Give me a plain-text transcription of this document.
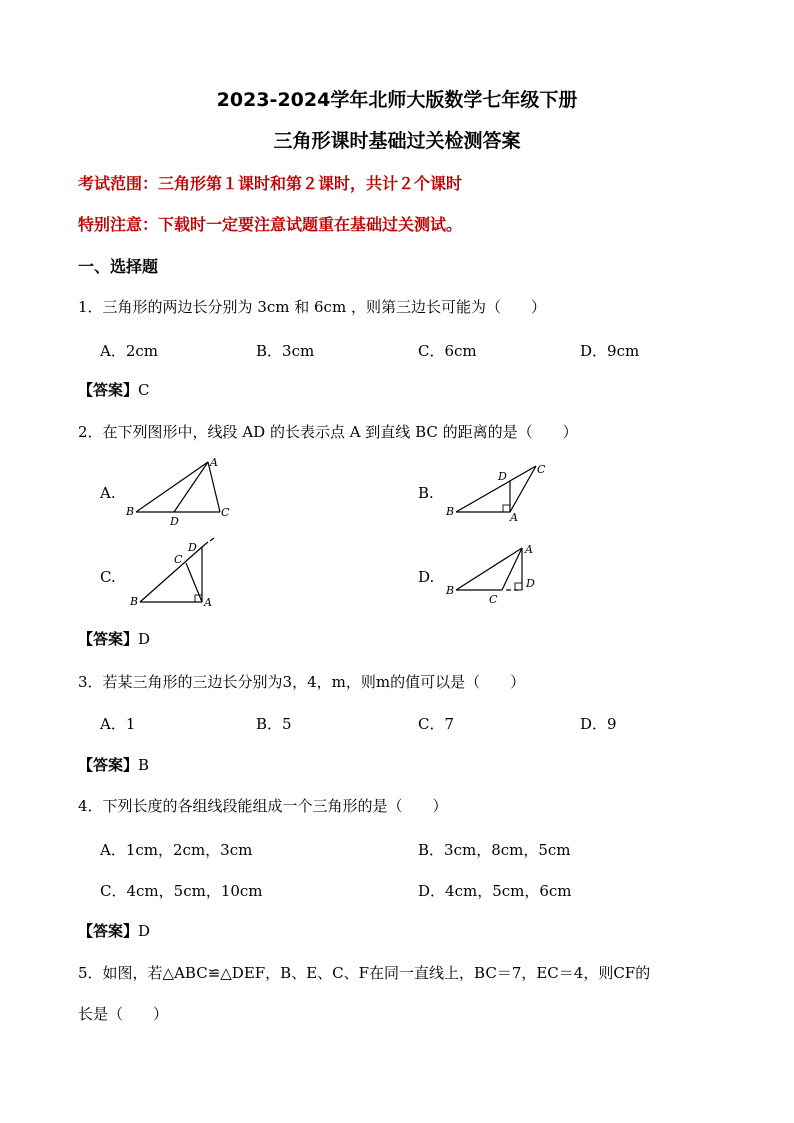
2023-2024学年北师大版数学七年级下册
三角形课时基础过关检测答案
考试范围：三角形第１课时和第２课时，共计２个课时
特别注意：下载时一定要注意试题重在基础过关测试。
一、选择题
1．三角形的两边长分别为 3cm 和 6cm ，则第三边长可能为（　　）
A．2cm	B．3cm	C．6cm	D．9cm
【答案】C
2．在下列图形中，线段 AD 的长表示点 A 到直线 BC 的距离的是（　　）
A.
A
B
D
C
B.
D
C
B	A
C.
C
D
B	A
D.
A
D
B
C
【答案】D
3．若某三角形的三边长分别为3，4，m，则m的值可以是（　　）
A．1	B．5	C．7	D．9
【答案】B
4．下列长度的各组线段能组成一个三角形的是（　　）
A．1cm，2cm，3cm	B．3cm，8cm，5cm
C．4cm，5cm，10cm	D．4cm，5cm，6cm
【答案】D
5．如图，若△ABC≌△DEF，B、E、C、F在同一直线上，BC＝7，EC＝4，则CF的
长是（　　）
